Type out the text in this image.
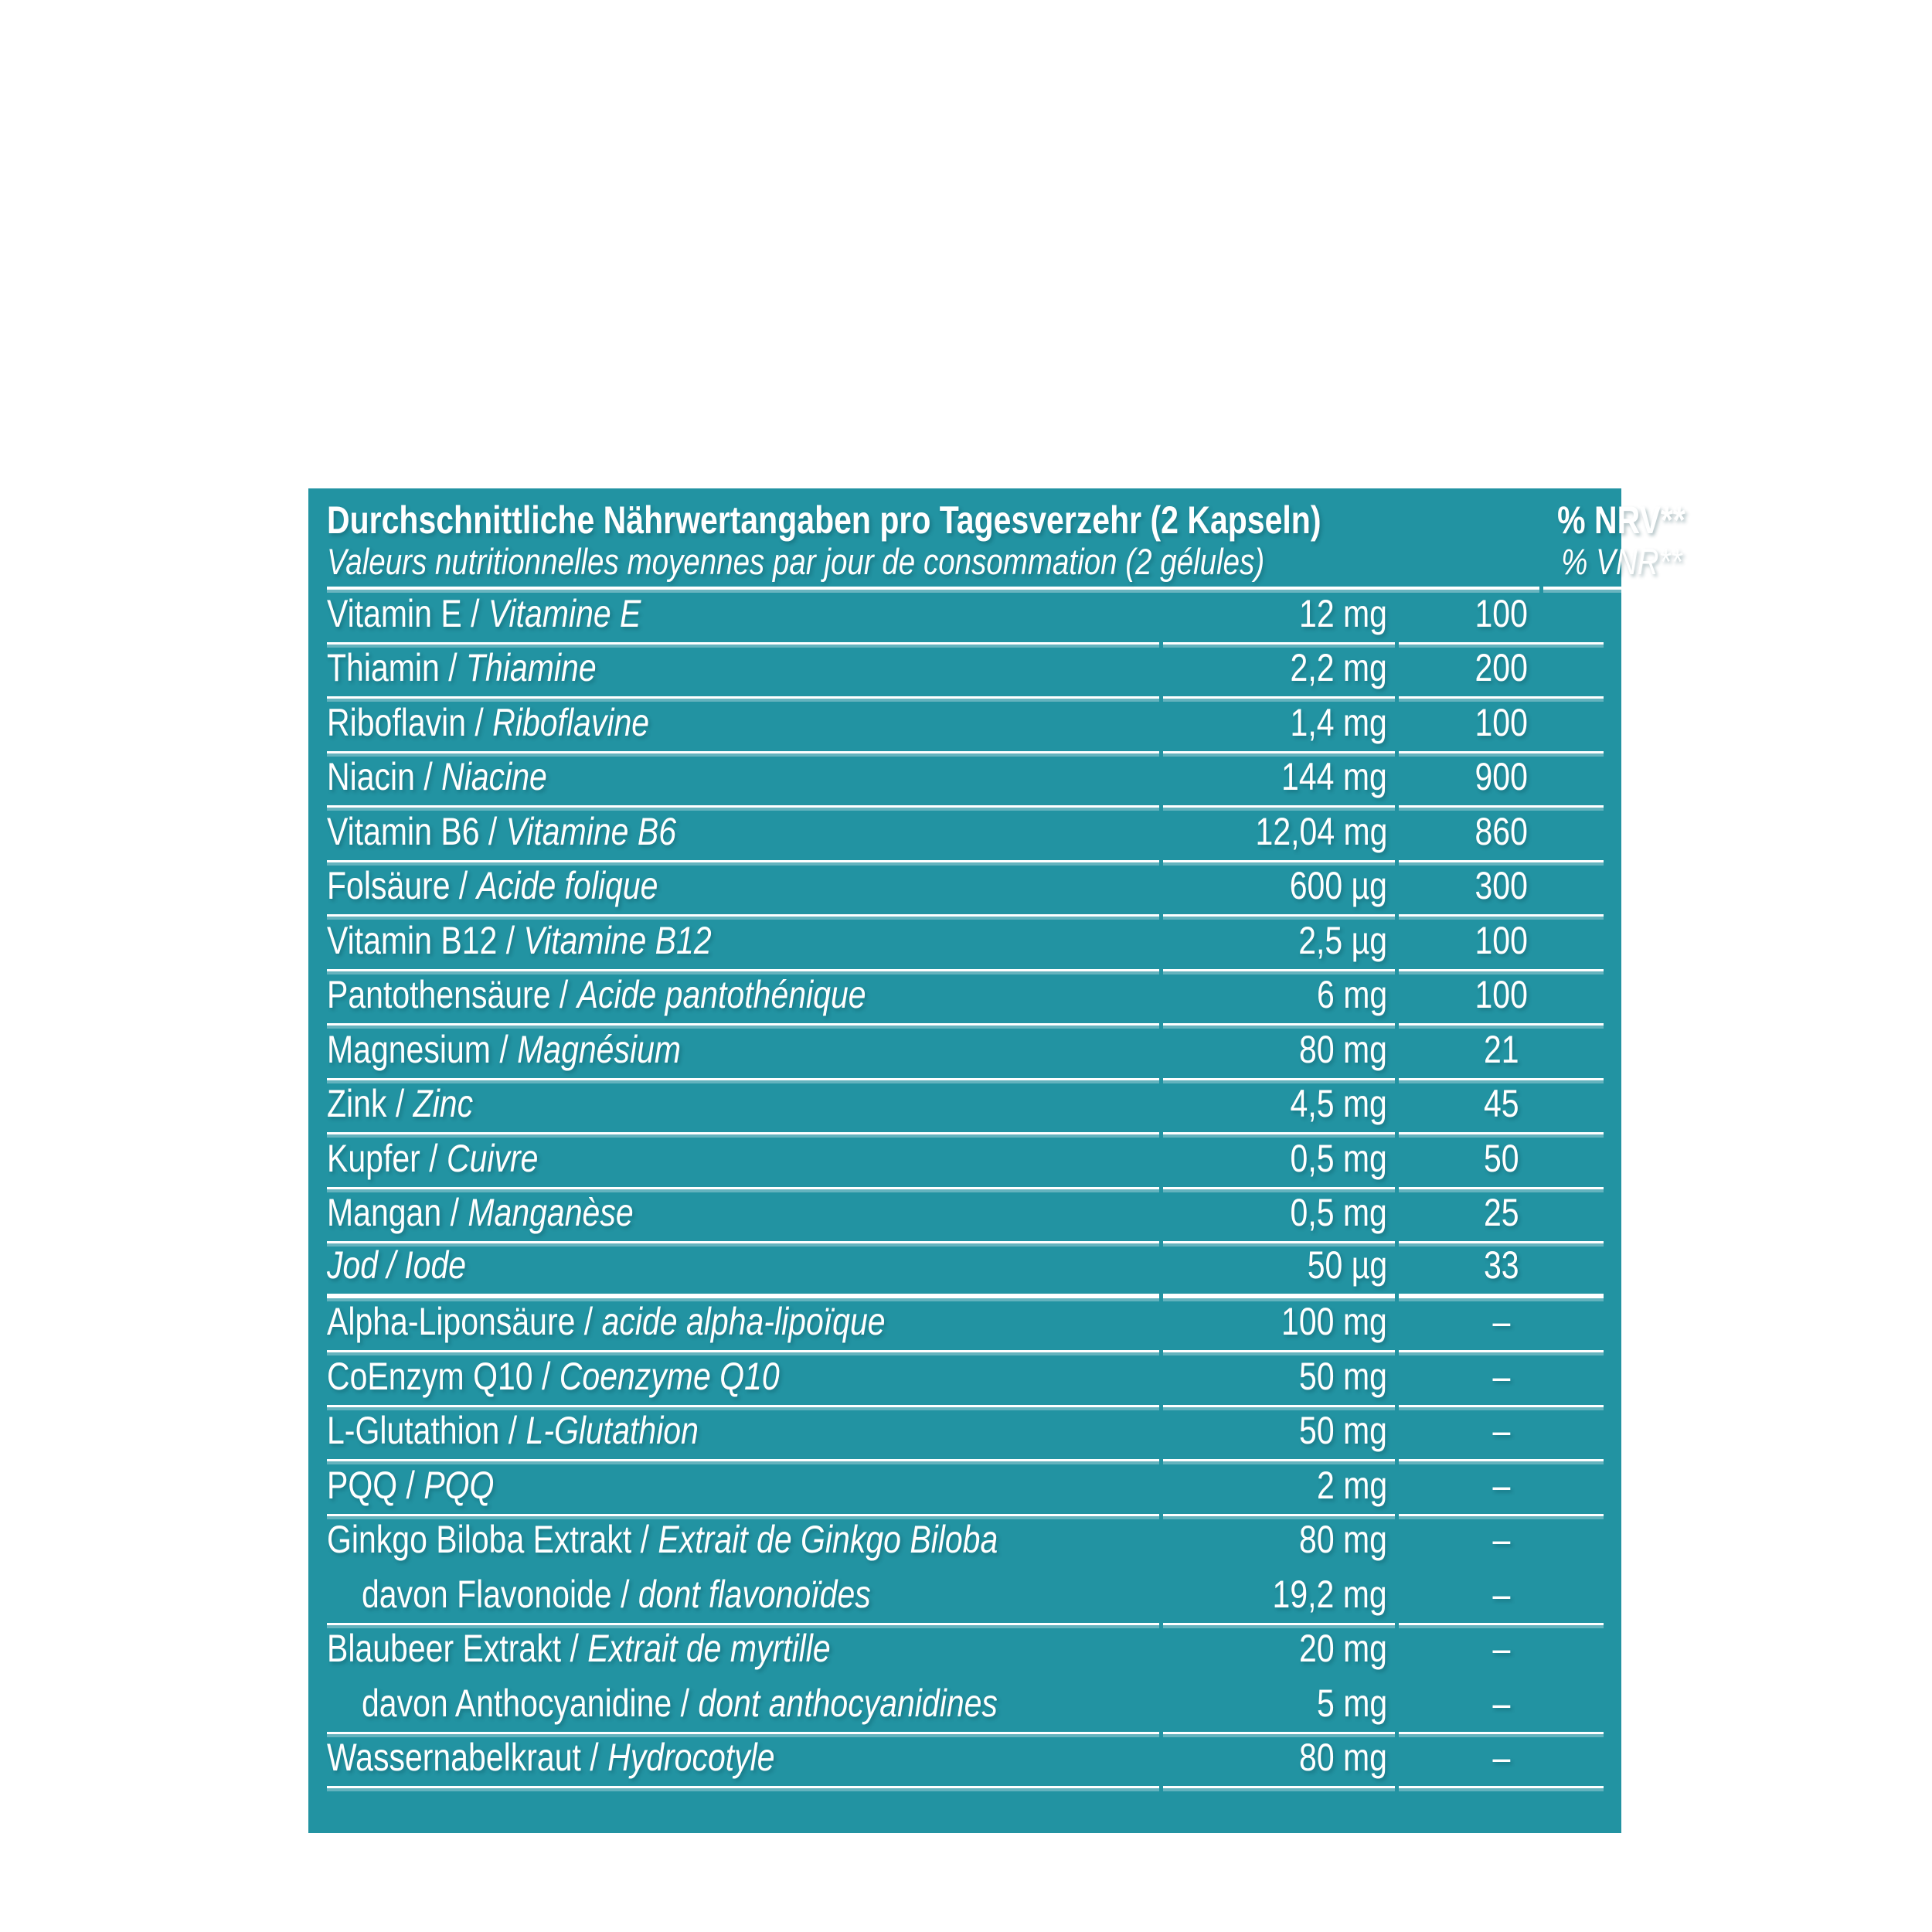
Durchschnittliche Nährwertangaben pro Tagesverzehr (2 Kapseln)
Valeurs nutritionnelles moyennes par jour de consommation (2 gélules)
% NRV**
% VNR**
Vitamin E / Vitamine E	12 mg 100
Thiamin / Thiamine	2,2 mg 200
Riboflavin / Riboflavine	1,4 mg 100
Niacin / Niacine	144 mg 900
Vitamin B6 / Vitamine B6	12,04 mg 860
Folsäure / Acide folique	600 µg 300
Vitamin B12 / Vitamine B12	2,5 µg 100
Pantothensäure / Acide pantothénique	6 mg 100
Magnesium / Magnésium	80 mg 21
Zink / Zinc	4,5 mg 45
Kupfer / Cuivre	0,5 mg 50
Mangan / Manganèse	0,5 mg 25
Jod / Iode	50 µg 33
Alpha-Liponsäure / acide alpha-lipoïque	100 mg	–
CoEnzym Q10 / Coenzyme Q10	50 mg	–
L-Glutathion / L-Glutathion	50 mg	–
PQQ / PQQ	2 mg	–
Ginkgo Biloba Extrakt / Extrait de Ginkgo Biloba	80 mg	–
davon Flavonoide / dont flavonoïdes	19,2 mg	–
Blaubeer Extrakt / Extrait de myrtille	20 mg	–
davon Anthocyanidine / dont anthocyanidines	5 mg	–
Wassernabelkraut / Hydrocotyle	80 mg	–
